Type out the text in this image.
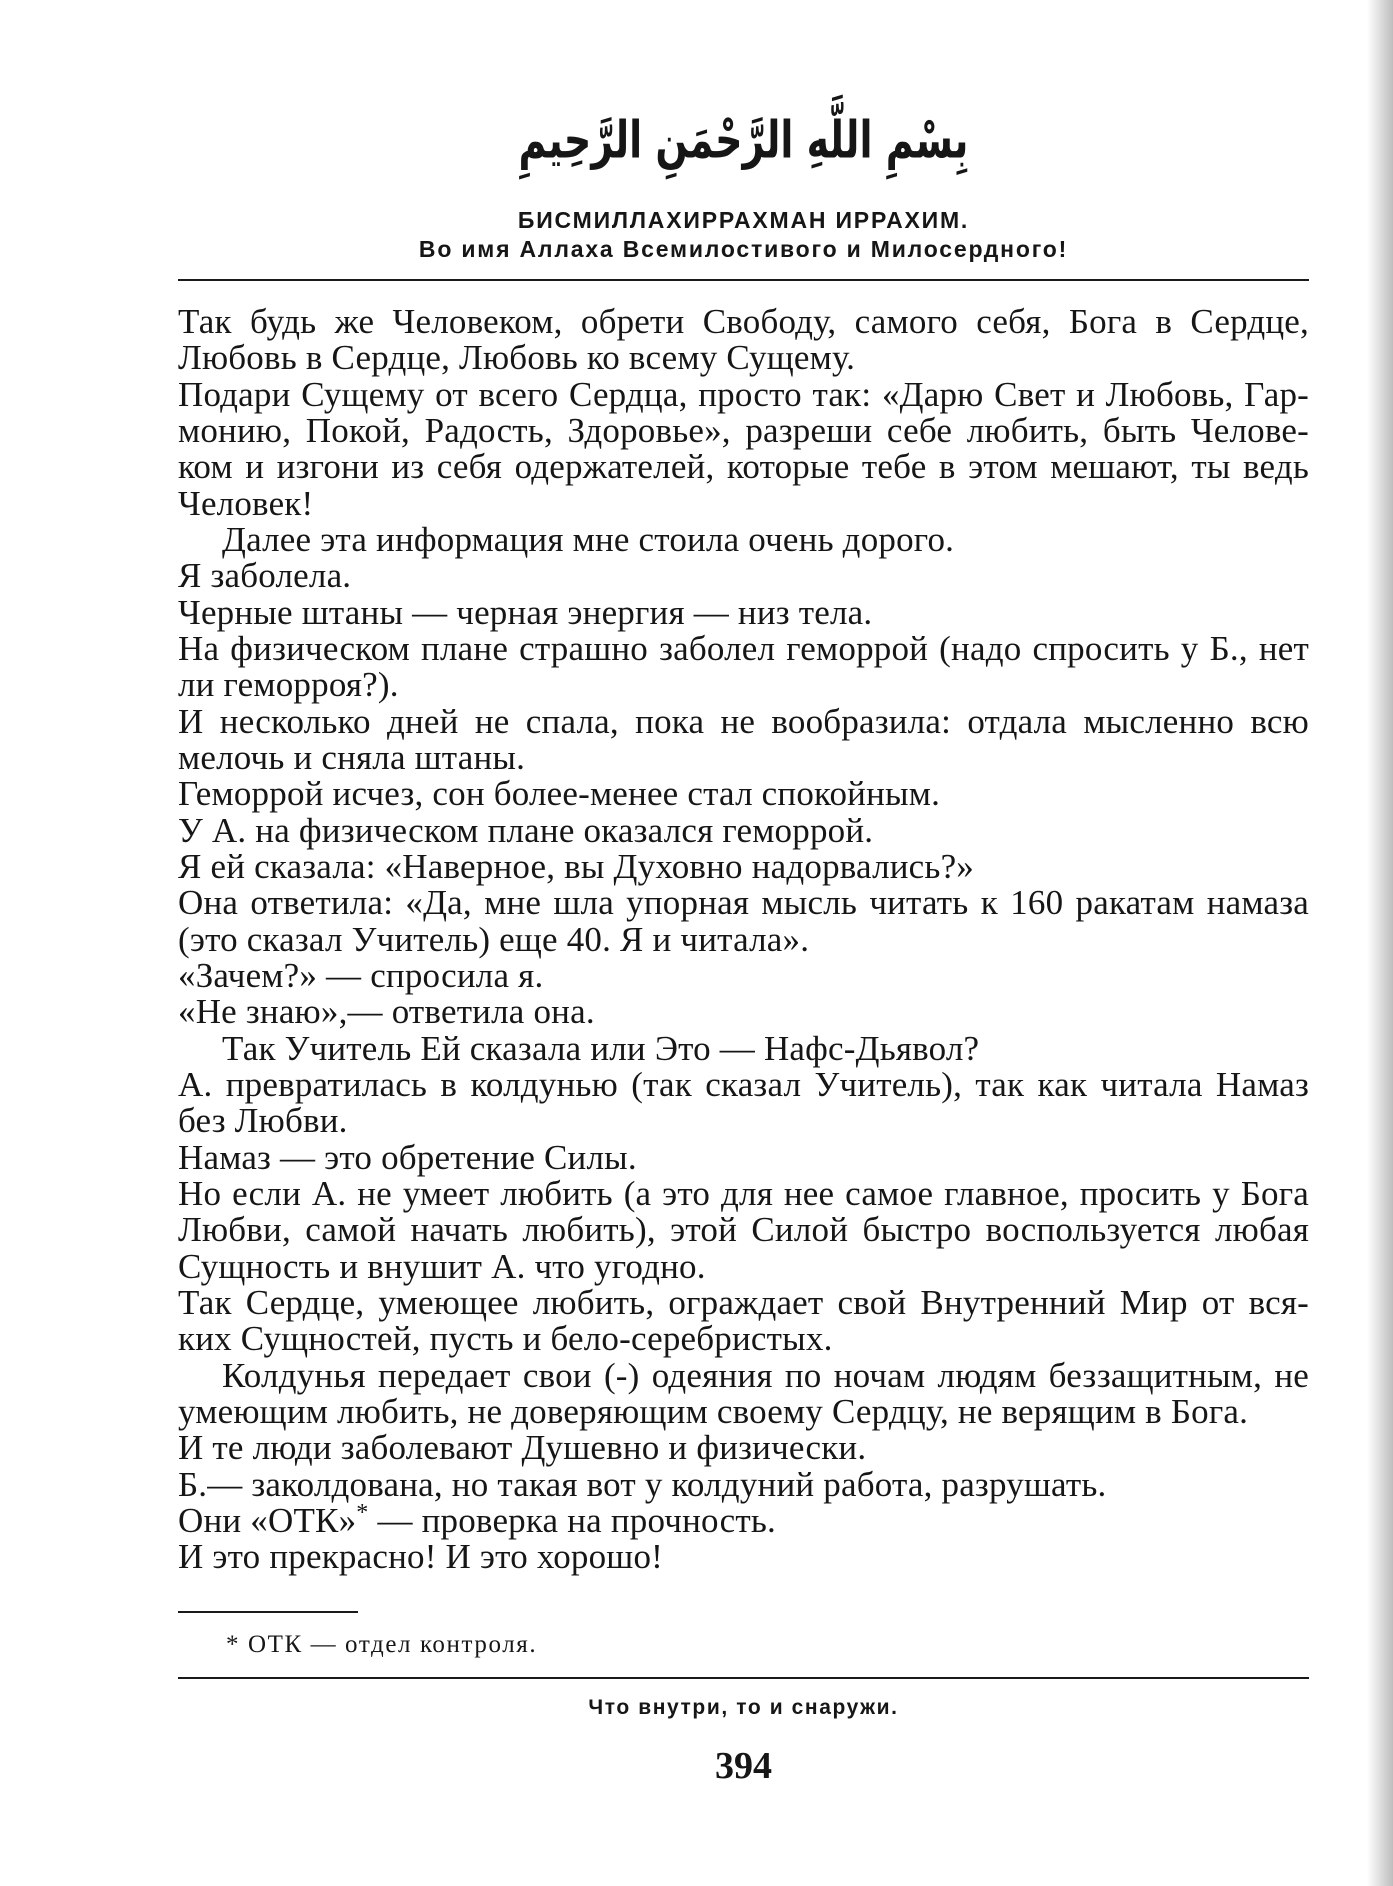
بِسْمِ اللَّهِ الرَّحْمَنِ الرَّحِيمِ
БИСМИЛЛАХИРРАХМАН ИРРАХИМ.
Во имя Аллаха Всемилостивого и Милосердного!
Так будь же Человеком, обрети Свободу, самого себя, Бога в Сердце,
Любовь в Сердце, Любовь ко всему Сущему.
Подари Сущему от всего Сердца, просто так: «Дарю Свет и Любовь, Гар-
монию, Покой, Радость, Здоровье», разреши себе любить, быть Челове-
ком и изгони из себя одержателей, которые тебе в этом мешают, ты ведь
Человек!
Далее эта информация мне стоила очень дорого.
Я заболела.
Черные штаны — черная энергия — низ тела.
На физическом плане страшно заболел геморрой (надо спросить у Б., нет
ли геморроя?).
И несколько дней не спала, пока не вообразила: отдала мысленно всю
мелочь и сняла штаны.
Геморрой исчез, сон более-менее стал спокойным.
У А. на физическом плане оказался геморрой.
Я ей сказала: «Наверное, вы Духовно надорвались?»
Она ответила: «Да, мне шла упорная мысль читать к 160 ракатам намаза
(это сказал Учитель) еще 40. Я и читала».
«Зачем?» — спросила я.
«Не знаю»,— ответила она.
Так Учитель Ей сказала или Это — Нафс-Дьявол?
А. превратилась в колдунью (так сказал Учитель), так как читала Намаз
без Любви.
Намаз — это обретение Силы.
Но если А. не умеет любить (а это для нее самое главное, просить у Бога
Любви, самой начать любить), этой Силой быстро воспользуется любая
Сущность и внушит А. что угодно.
Так Сердце, умеющее любить, ограждает свой Внутренний Мир от вся-
ких Сущностей, пусть и бело-серебристых.
Колдунья передает свои (-) одеяния по ночам людям беззащитным, не
умеющим любить, не доверяющим своему Сердцу, не верящим в Бога.
И те люди заболевают Душевно и физически.
Б.— заколдована, но такая вот у колдуний работа, разрушать.
Они «ОТК»* — проверка на прочность.
И это прекрасно! И это хорошо!
* ОТК — отдел контроля.
Что внутри, то и снаружи.
394
